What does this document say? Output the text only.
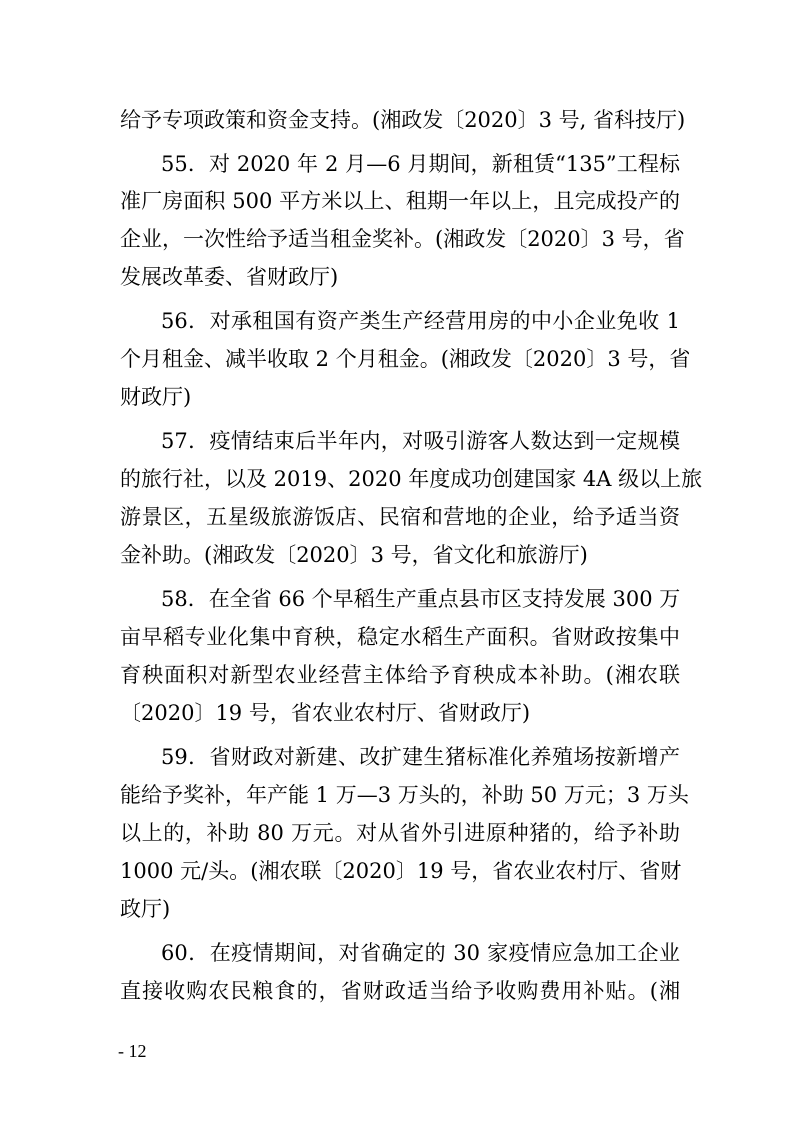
给予专项政策和资金支持。(湘政发〔2020〕3 号, 省科技厅)
55．对 2020 年 2 月—6 月期间，新租赁“135”工程标
准厂房面积 500 平方米以上、租期一年以上，且完成投产的
企业，一次性给予适当租金奖补。(湘政发〔2020〕3 号，省
发展改革委、省财政厅)
56．对承租国有资产类生产经营用房的中小企业免收 1
个月租金、减半收取 2 个月租金。(湘政发〔2020〕3 号，省
财政厅)
57．疫情结束后半年内，对吸引游客人数达到一定规模
的旅行社，以及 2019、2020 年度成功创建国家 4A 级以上旅
游景区，五星级旅游饭店、民宿和营地的企业，给予适当资
金补助。(湘政发〔2020〕3 号，省文化和旅游厅)
58．在全省 66 个早稻生产重点县市区支持发展 300 万
亩早稻专业化集中育秧，稳定水稻生产面积。省财政按集中
育秧面积对新型农业经营主体给予育秧成本补助。(湘农联
〔2020〕19 号，省农业农村厅、省财政厅)
59．省财政对新建、改扩建生猪标准化养殖场按新增产
能给予奖补，年产能 1 万—3 万头的，补助 50 万元；3 万头
以上的，补助 80 万元。对从省外引进原种猪的，给予补助
1000 元/头。(湘农联〔2020〕19 号，省农业农村厅、省财
政厅)
60．在疫情期间，对省确定的 30 家疫情应急加工企业
直接收购农民粮食的，省财政适当给予收购费用补贴。(湘
- 12
